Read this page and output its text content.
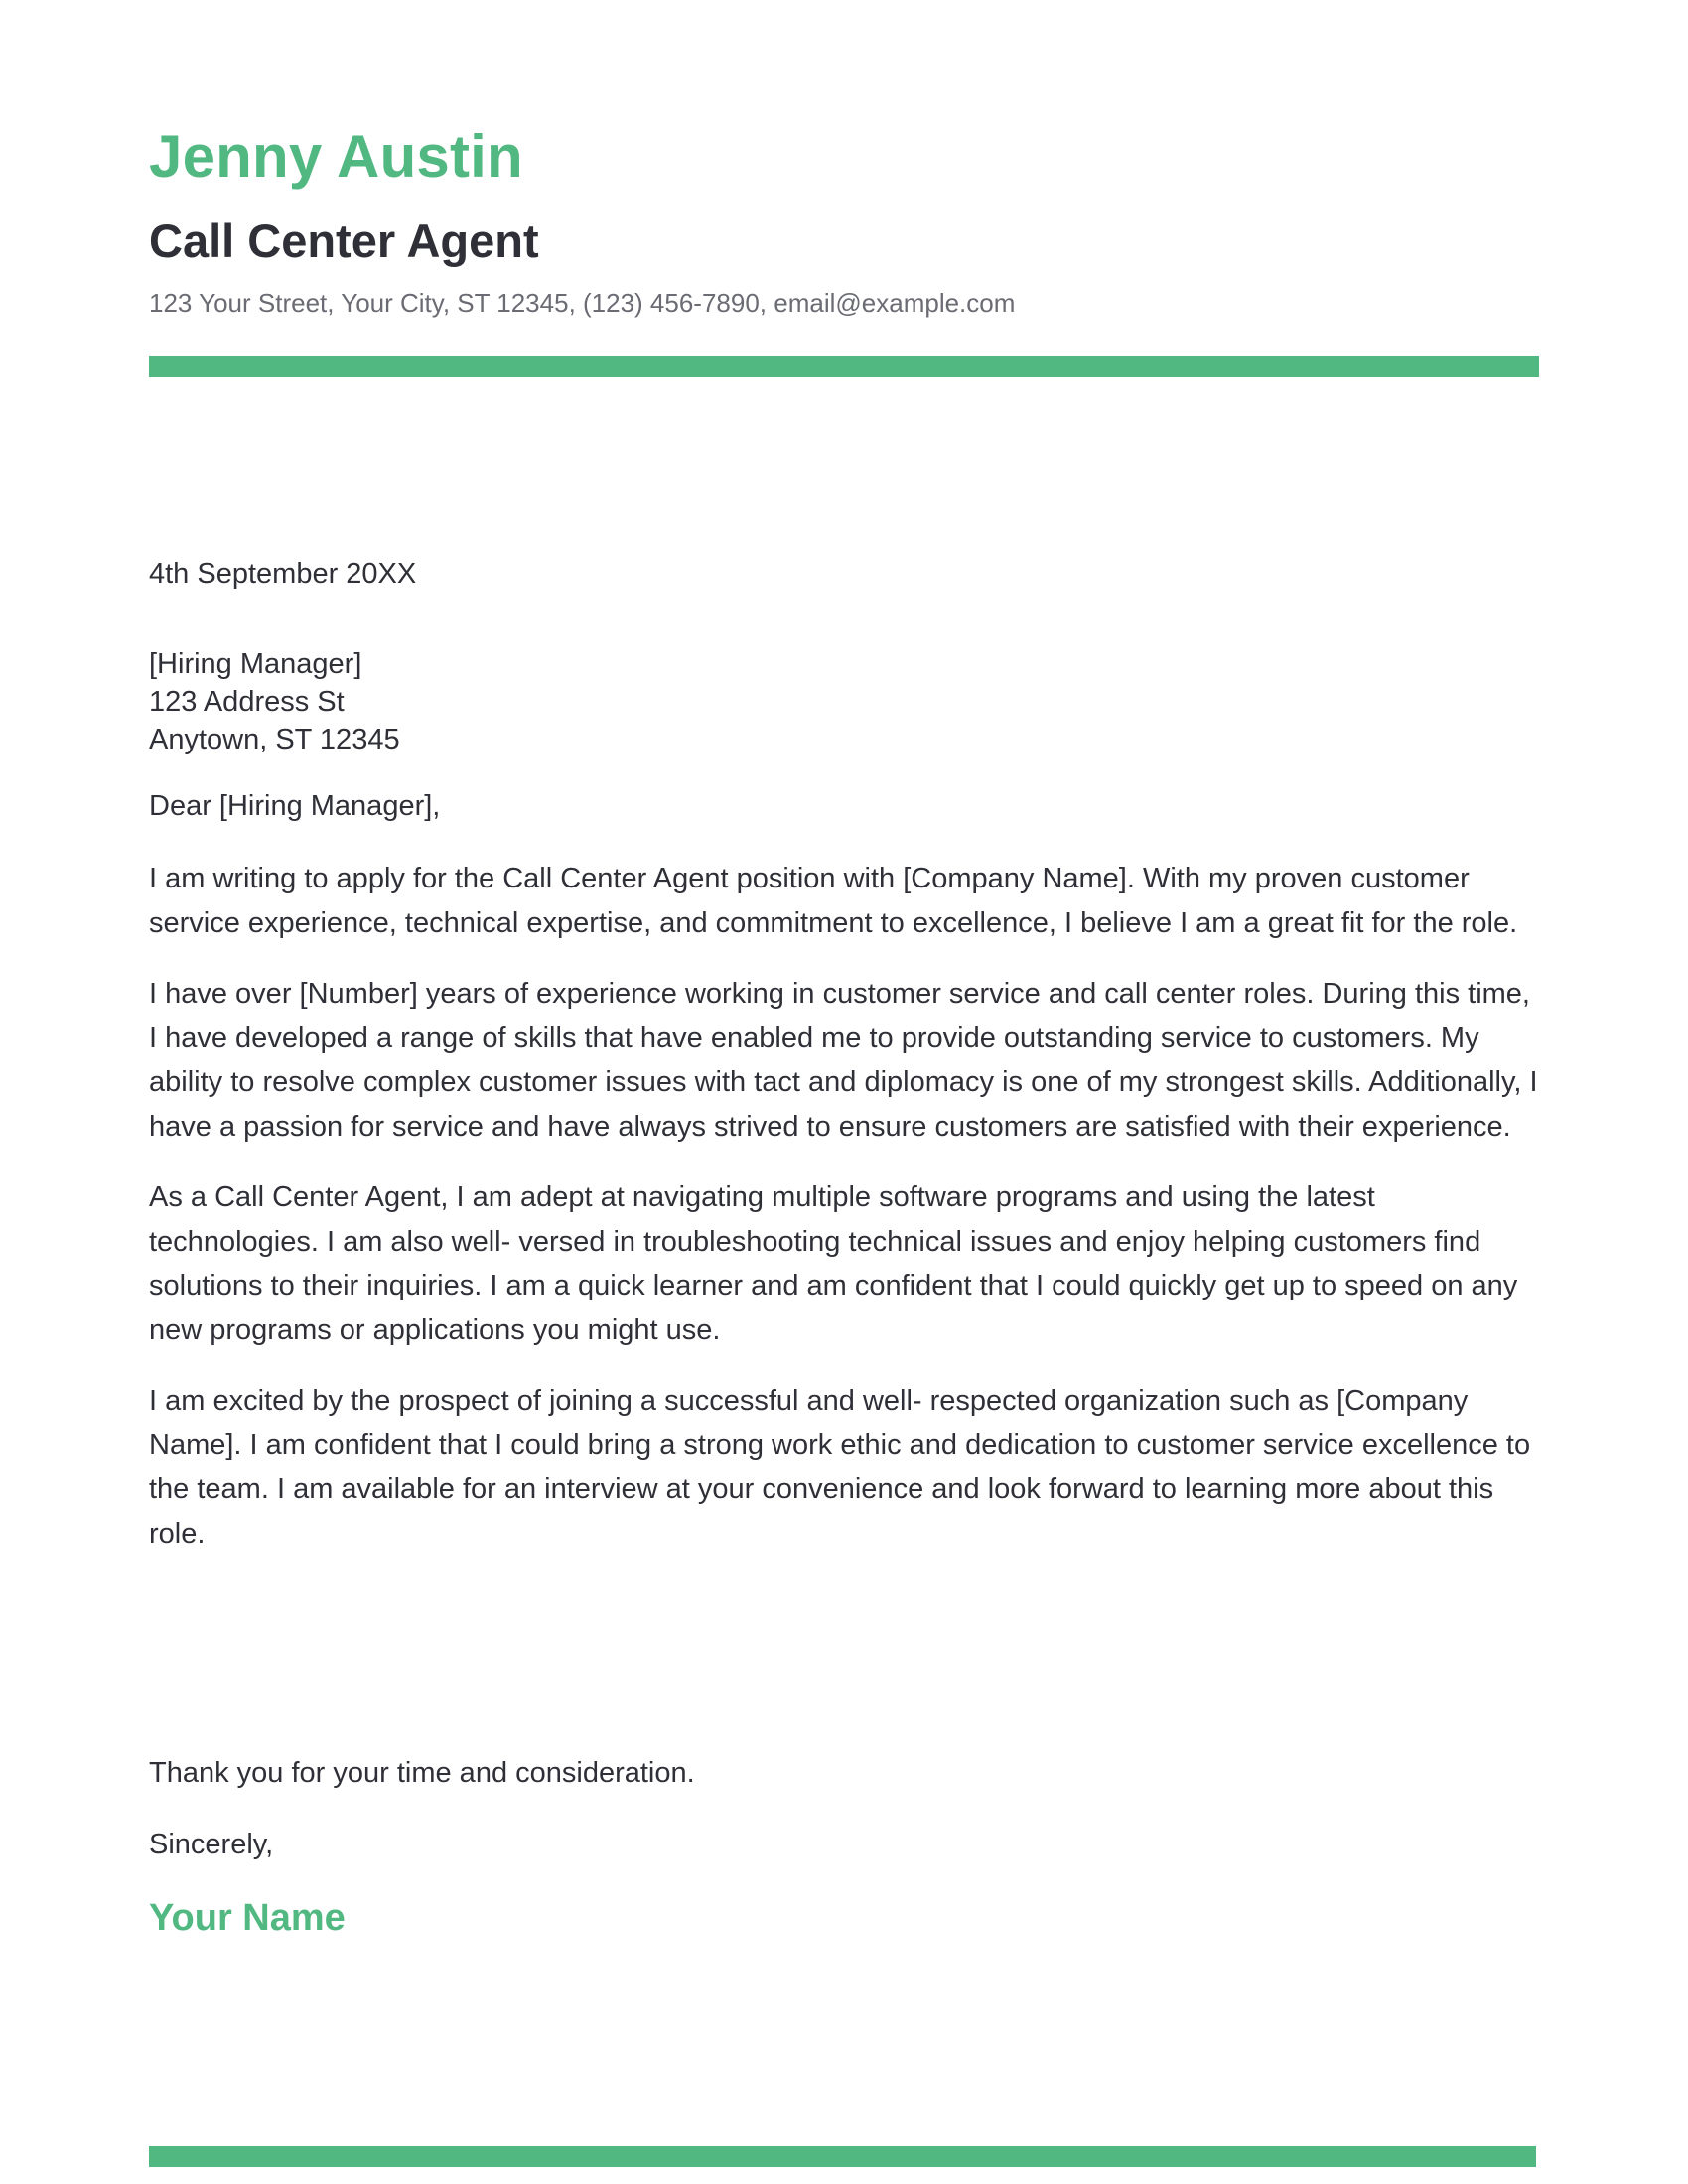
Jenny Austin
Call Center Agent

123 Your Street, Your City, ST 12345, (123) 456-7890, email@example.com

4th September 20XX

[Hiring Manager]
123 Address St
Anytown, ST 12345

Dear [Hiring Manager],

I am writing to apply for the Call Center Agent position with [Company Name]. With my proven customer service experience, technical expertise, and commitment to excellence, I believe I am a great fit for the role.

I have over [Number] years of experience working in customer service and call center roles. During this time, I have developed a range of skills that have enabled me to provide outstanding service to customers. My ability to resolve complex customer issues with tact and diplomacy is one of my strongest skills. Additionally, I have a passion for service and have always strived to ensure customers are satisfied with their experience.

As a Call Center Agent, I am adept at navigating multiple software programs and using the latest technologies. I am also well- versed in troubleshooting technical issues and enjoy helping customers find solutions to their inquiries. I am a quick learner and am confident that I could quickly get up to speed on any new programs or applications you might use.

I am excited by the prospect of joining a successful and well- respected organization such as [Company Name]. I am confident that I could bring a strong work ethic and dedication to customer service excellence to the team. I am available for an interview at your convenience and look forward to learning more about this role.

Thank you for your time and consideration.

Sincerely,

Your Name
